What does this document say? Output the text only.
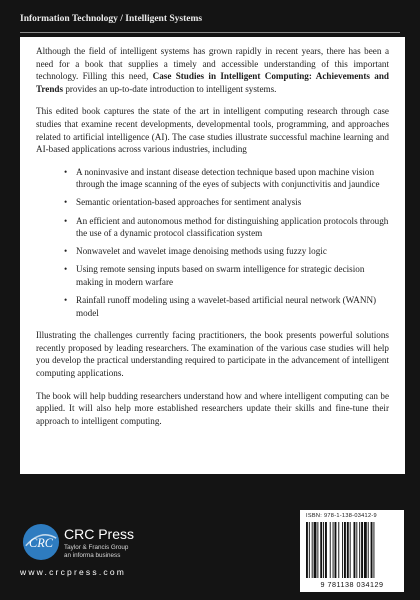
Information Technology / Intelligent Systems

Although the field of intelligent systems has grown rapidly in recent years, there has been a need for a book that supplies a timely and accessible understanding of this important technology. Filling this need, Case Studies in Intelligent Computing: Achievements and Trends provides an up-to-date introduction to intelligent systems.

This edited book captures the state of the art in intelligent computing research through case studies that examine recent developments, developmental tools, programming, and approaches related to artificial intelligence (AI). The case studies illustrate successful machine learning and AI-based applications across various industries, including

• A noninvasive and instant disease detection technique based upon machine vision through the image scanning of the eyes of subjects with conjunctivitis and jaundice
• Semantic orientation-based approaches for sentiment analysis
• An efficient and autonomous method for distinguishing application protocols through the use of a dynamic protocol classification system
• Nonwavelet and wavelet image denoising methods using fuzzy logic
• Using remote sensing inputs based on swarm intelligence for strategic decision making in modern warfare
• Rainfall runoff modeling using a wavelet-based artificial neural network (WANN) model

Illustrating the challenges currently facing practitioners, the book presents powerful solutions recently proposed by leading researchers. The examination of the various case studies will help you develop the practical understanding required to participate in the advancement of intelligent computing applications.

The book will help budding researchers understand how and where intelligent computing can be applied. It will also help more established researchers update their skills and fine-tune their approach to intelligent computing.

CRC
CRC Press
Taylor & Francis Group
an informa business
www.crcpress.com
ISBN: 978-1-138-03412-9
9 781138 034129
